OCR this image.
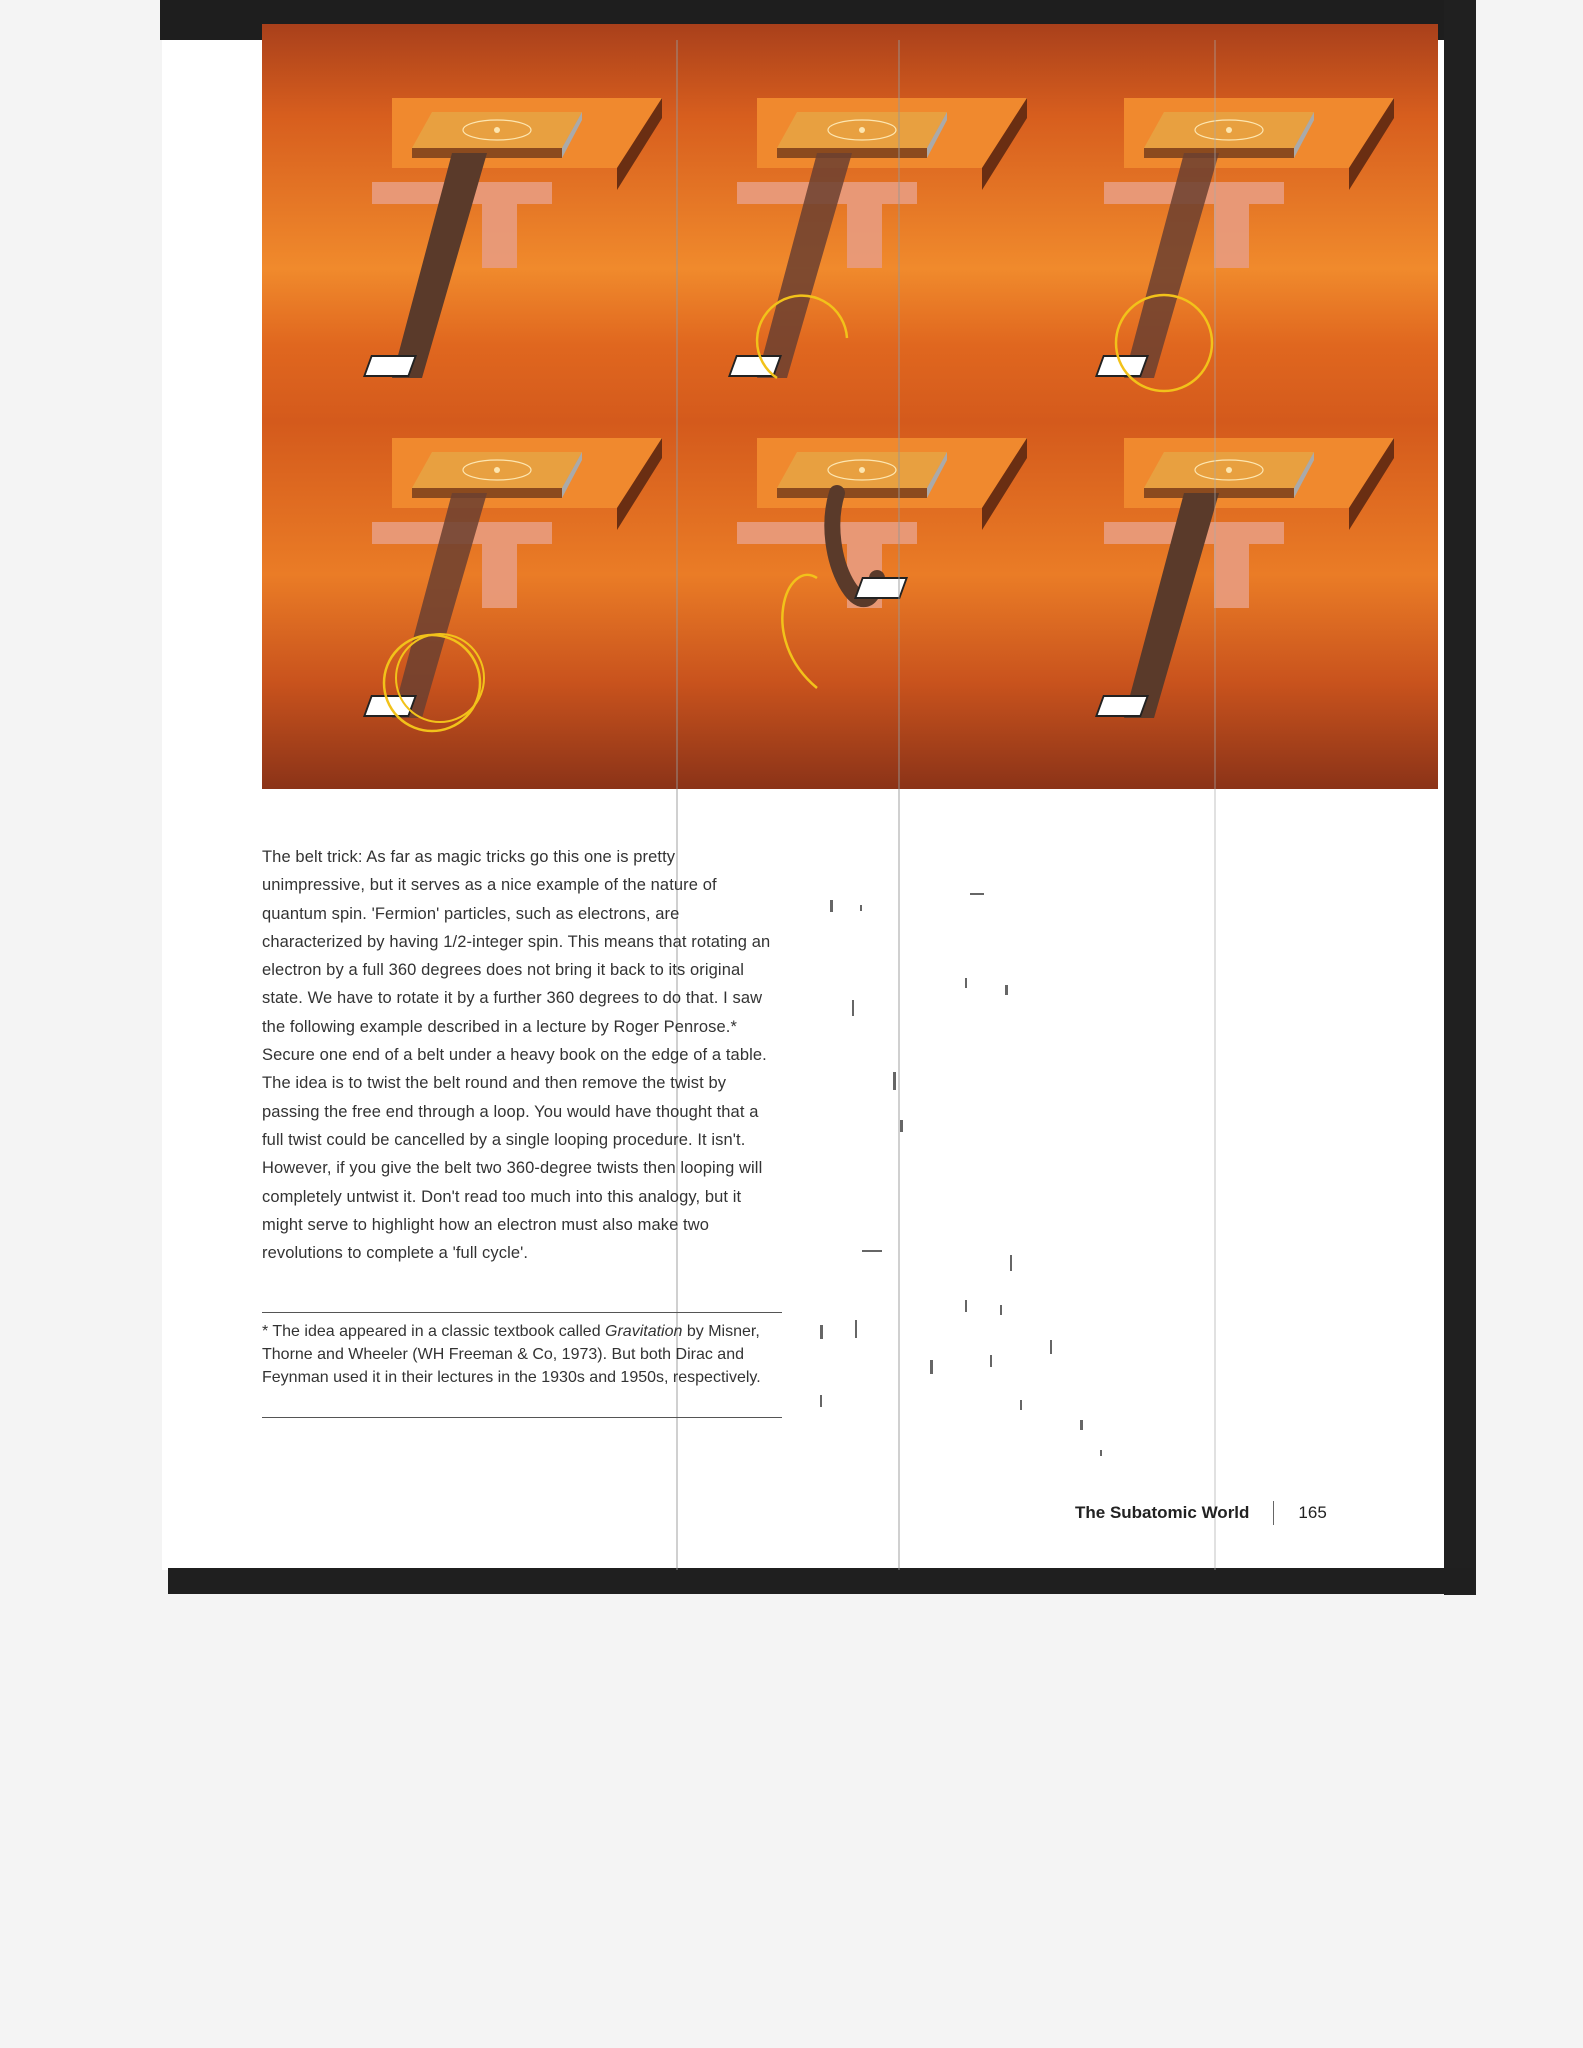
The belt trick: As far as magic tricks go this one is pretty unimpressive, but it serves as a nice example of the nature of quantum spin. 'Fermion' particles, such as electrons, are characterized by having 1/2-integer spin. This means that rotating an electron by a full 360 degrees does not bring it back to its original state. We have to rotate it by a further 360 degrees to do that. I saw the following example described in a lecture by Roger Penrose.* Secure one end of a belt under a heavy book on the edge of a table. The idea is to twist the belt round and then remove the twist by passing the free end through a loop. You would have thought that a full twist could be cancelled by a single looping procedure. It isn't. However, if you give the belt two 360-degree twists then looping will completely untwist it. Don't read too much into this analogy, but it might serve to highlight how an electron must also make two revolutions to complete a 'full cycle'.
* The idea appeared in a classic textbook called Gravitation by Misner, Thorne and Wheeler (WH Freeman & Co, 1973). But both Dirac and Feynman used it in their lectures in the 1930s and 1950s, respectively.
The Subatomic World	165
